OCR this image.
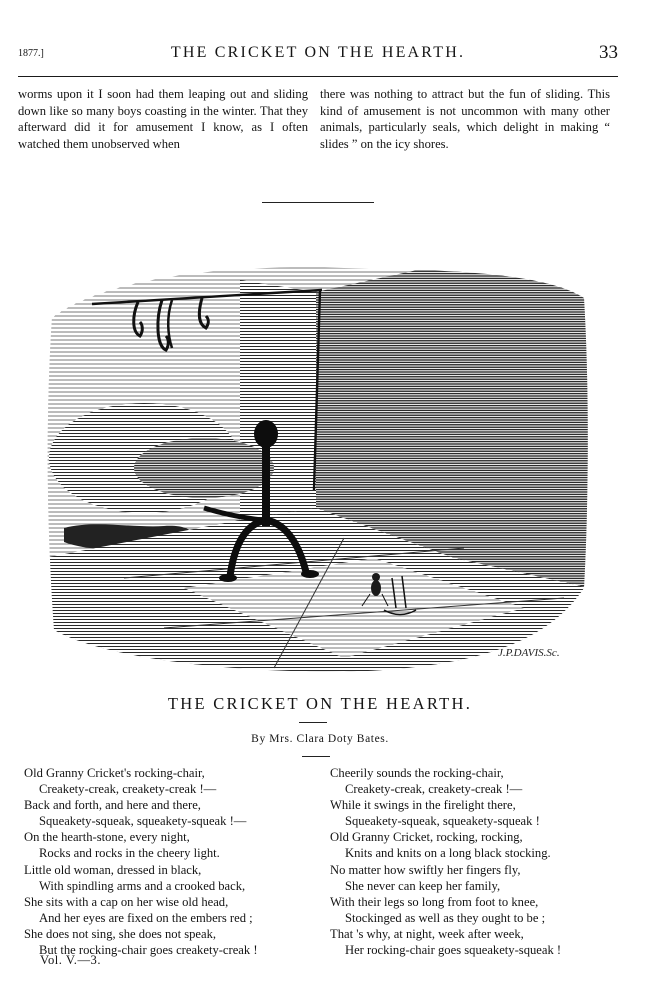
1877.]	THE CRICKET ON THE HEARTH.	33

worms upon it I soon had them leaping out and sliding down like so many boys coasting in the winter. That they afterward did it for amusement I know, as I often watched them unobserved when

there was nothing to attract but the fun of sliding. This kind of amusement is not uncommon with many other animals, particularly seals, which delight in making “ slides ” on the icy shores.

J.P.DAVIS.Sc.
THE CRICKET ON THE HEARTH.
By Mrs. Clara Doty Bates.
Old Granny Cricket's rocking-chair,
Creakety-creak, creakety-creak !—
Back and forth, and here and there,
Squeakety-squeak, squeakety-squeak !—
On the hearth-stone, every night,
Rocks and rocks in the cheery light.
Little old woman, dressed in black,
With spindling arms and a crooked back,
She sits with a cap on her wise old head,
And her eyes are fixed on the embers red ;
She does not sing, she does not speak,
But the rocking-chair goes creakety-creak !
Cheerily sounds the rocking-chair,
Creakety-creak, creakety-creak !—
While it swings in the firelight there,
Squeakety-squeak, squeakety-squeak !
Old Granny Cricket, rocking, rocking,
Knits and knits on a long black stocking.
No matter how swiftly her fingers fly,
She never can keep her family,
With their legs so long from foot to knee,
Stockinged as well as they ought to be ;
That 's why, at night, week after week,
Her rocking-chair goes squeakety-squeak !
Vol. V.—3.
